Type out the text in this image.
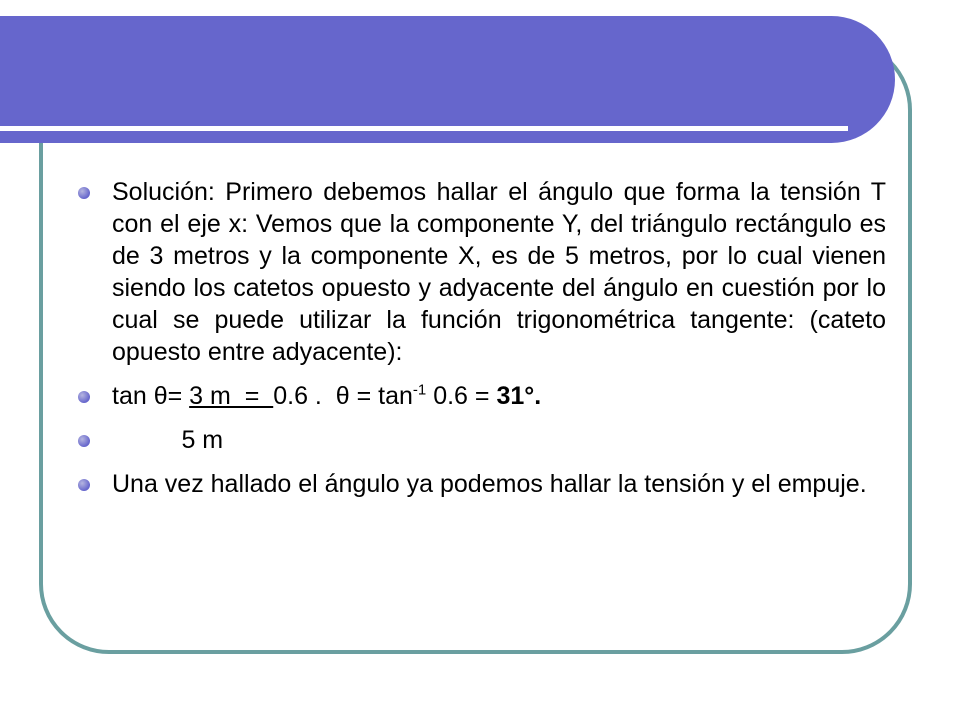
Solución: Primero debemos hallar el ángulo que forma la tensión T con el eje x: Vemos que la componente Y, del triángulo rectángulo es de 3 metros y la componente X, es de 5 metros, por lo cual vienen siendo los catetos opuesto y adyacente del ángulo en cuestión por lo cual se puede utilizar la función trigonométrica tangente: (cateto opuesto entre adyacente):

tan θ= 3 m  =  0.6 .  $\theta = \tan^{-1} 0.6 = 31^\circ$.

5 m

Una vez hallado el ángulo ya podemos hallar la tensión y el empuje.
